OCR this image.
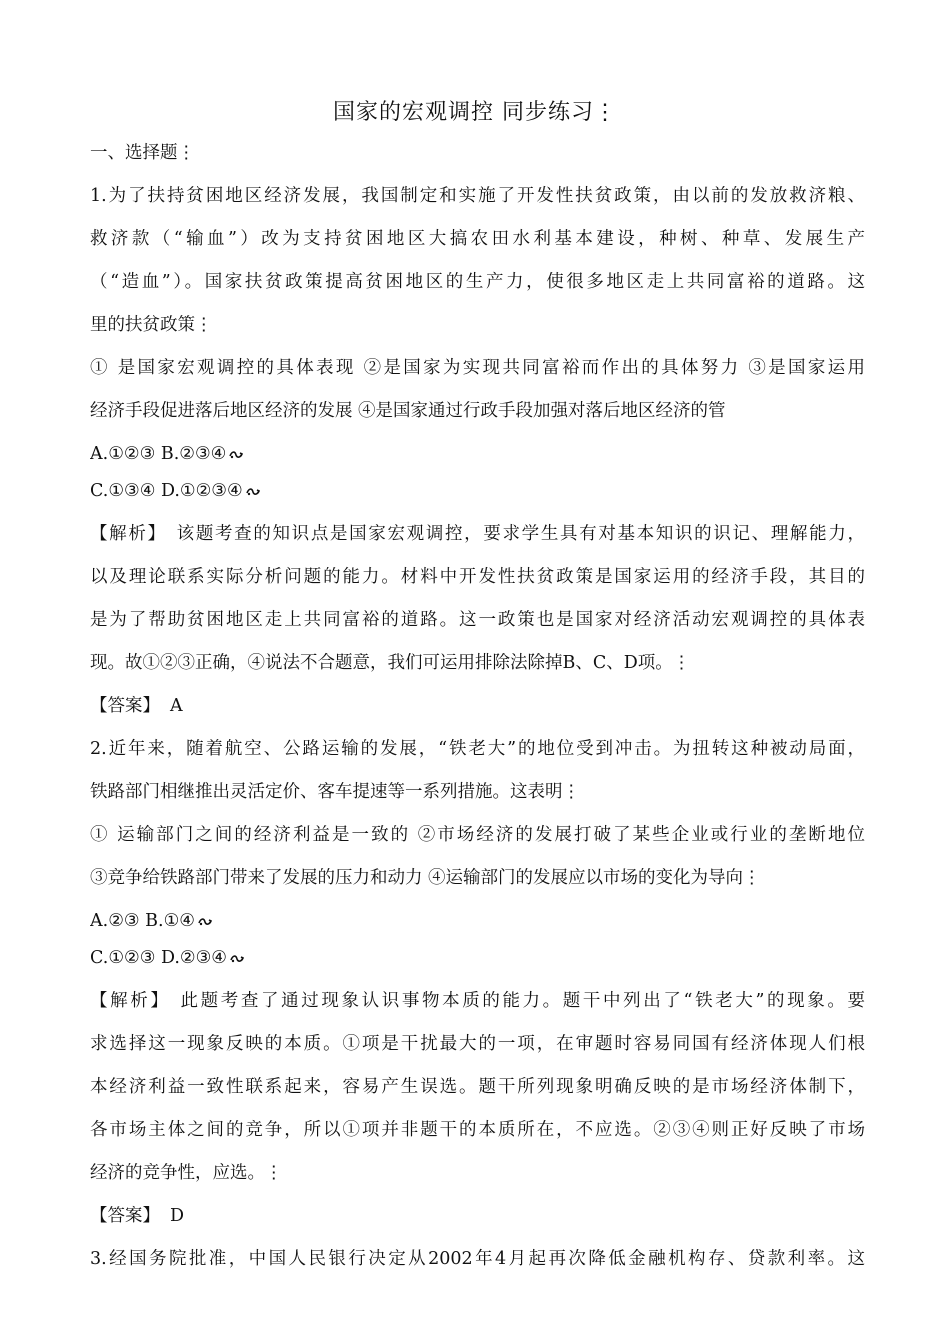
国家的宏观调控 同步练习⋮
一、选择题⋮
1.为了扶持贫困地区经济发展，我国制定和实施了开发性扶贫政策，由以前的发放救济粮、
救济款（“输血”）改为支持贫困地区大搞农田水利基本建设，种树、种草、发展生产
（“造血”）。国家扶贫政策提高贫困地区的生产力，使很多地区走上共同富裕的道路。这
里的扶贫政策⋮
① 是国家宏观调控的具体表现 ②是国家为实现共同富裕而作出的具体努力 ③是国家运用
经济手段促进落后地区经济的发展 ④是国家通过行政手段加强对落后地区经济的管
A.①②③ B.②③④
C.①③④ D.①②③④
【解析】 该题考查的知识点是国家宏观调控，要求学生具有对基本知识的识记、理解能力，
以及理论联系实际分析问题的能力。材料中开发性扶贫政策是国家运用的经济手段，其目的
是为了帮助贫困地区走上共同富裕的道路。这一政策也是国家对经济活动宏观调控的具体表
现。故①②③正确，④说法不合题意，我们可运用排除法除掉B、C、D项。⋮
【答案】 A
2.近年来，随着航空、公路运输的发展，“铁老大”的地位受到冲击。为扭转这种被动局面，
铁路部门相继推出灵活定价、客车提速等一系列措施。这表明⋮
① 运输部门之间的经济利益是一致的 ②市场经济的发展打破了某些企业或行业的垄断地位
③竞争给铁路部门带来了发展的压力和动力 ④运输部门的发展应以市场的变化为导向⋮
A.②③ B.①④
C.①②③ D.②③④
【解析】 此题考查了通过现象认识事物本质的能力。题干中列出了“铁老大”的现象。要
求选择这一现象反映的本质。①项是干扰最大的一项，在审题时容易同国有经济体现人们根
本经济利益一致性联系起来，容易产生误选。题干所列现象明确反映的是市场经济体制下，
各市场主体之间的竞争，所以①项并非题干的本质所在，不应选。②③④则正好反映了市场
经济的竞争性，应选。⋮
【答案】 D
3.经国务院批准，中国人民银行决定从2002年4月起再次降低金融机构存、贷款利率。这
